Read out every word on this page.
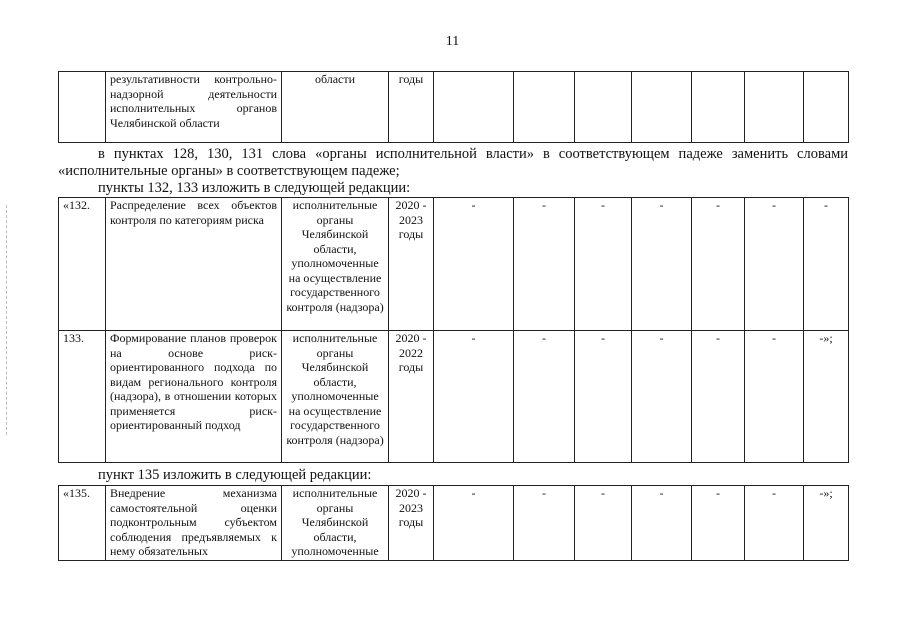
11
	результативности контрольно-надзорной деятельности исполнительных органов Челябинской области	области	годы							

в пунктах 128, 130, 131 слова «органы исполнительной власти» в соответствующем падеже заменить словами «исполнительные органы» в соответствующем падеже;

пункты 132, 133 изложить в следующей редакции:

«132.	Распределение всех объектов контроля по категориям риска	исполнительные органы Челябинской области, уполномоченные на осуществление государственного контроля (надзора)	2020 - 2023 годы	-	-	-	-	-	-	-
133.	Формирование планов проверок на основе риск-ориентированного подхода по видам регионального контроля (надзора), в отношении которых применяется риск-ориентированный подход	исполнительные органы Челябинской области, уполномоченные на осуществление государственного контроля (надзора)	2020 - 2022 годы	-	-	-	-	-	-	-»;

пункт 135 изложить в следующей редакции:

«135.	Внедрение механизма самостоятельной оценки подконтрольным субъектом соблюдения предъявляемых к нему обязательных	исполнительные органы Челябинской области, уполномоченные	2020 - 2023 годы	-	-	-	-	-	-	-»;
